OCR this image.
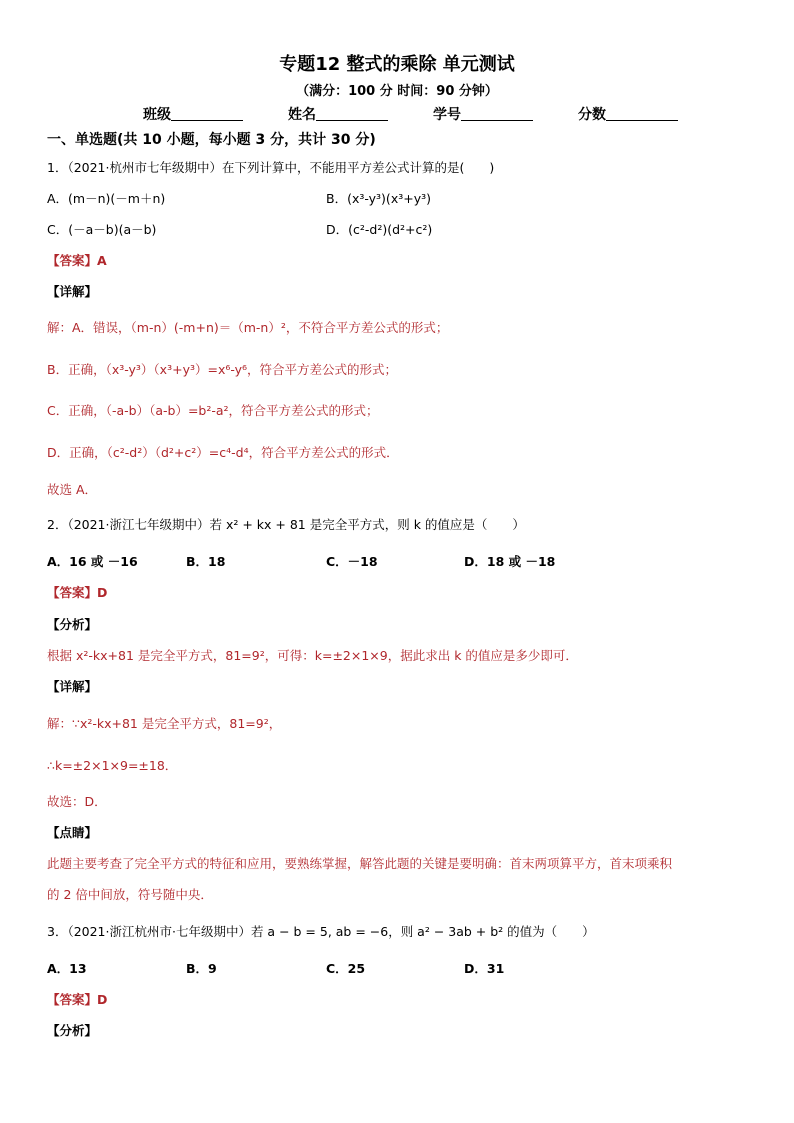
专题12 整式的乘除 单元测试
（满分：100 分 时间：90 分钟）
班级	姓名	学号	分数
一、单选题(共 10 小题，每小题 3 分，共计 30 分)
1．（2021·杭州市七年级期中）在下列计算中，不能用平方差公式计算的是(　　)
A．(m－n)(－m＋n)	B．(x³-y³)(x³+y³)
C．(－a－b)(a－b)	D．(c²-d²)(d²+c²)
【答案】A
【详解】
解：A．错误，（m-n）(-m+n)＝（m-n）²，不符合平方差公式的形式；
B．正确，（x³-y³）（x³+y³）=x⁶-y⁶，符合平方差公式的形式；
C．正确，（-a-b）（a-b）=b²-a²，符合平方差公式的形式；
D．正确，（c²-d²）（d²+c²）=c⁴-d⁴，符合平方差公式的形式．
故选 A．
2．（2021·浙江七年级期中）若 x² + kx + 81 是完全平方式，则 k 的值应是（　　）
A．16 或 －16	B．18	C．－18	D．18 或 －18
【答案】D
【分析】
根据 x²-kx+81 是完全平方式，81=9²，可得：k=±2×1×9，据此求出 k 的值应是多少即可．
【详解】
解：∵x²-kx+81 是完全平方式，81=9²，
∴k=±2×1×9=±18．
故选：D．
【点睛】
此题主要考查了完全平方式的特征和应用，要熟练掌握，解答此题的关键是要明确：首末两项算平方，首末项乘积
的 2 倍中间放，符号随中央．
3．（2021·浙江杭州市·七年级期中）若 a − b = 5, ab = −6，则 a² − 3ab + b² 的值为（　　）
A．13	B．9	C．25	D．31
【答案】D
【分析】
